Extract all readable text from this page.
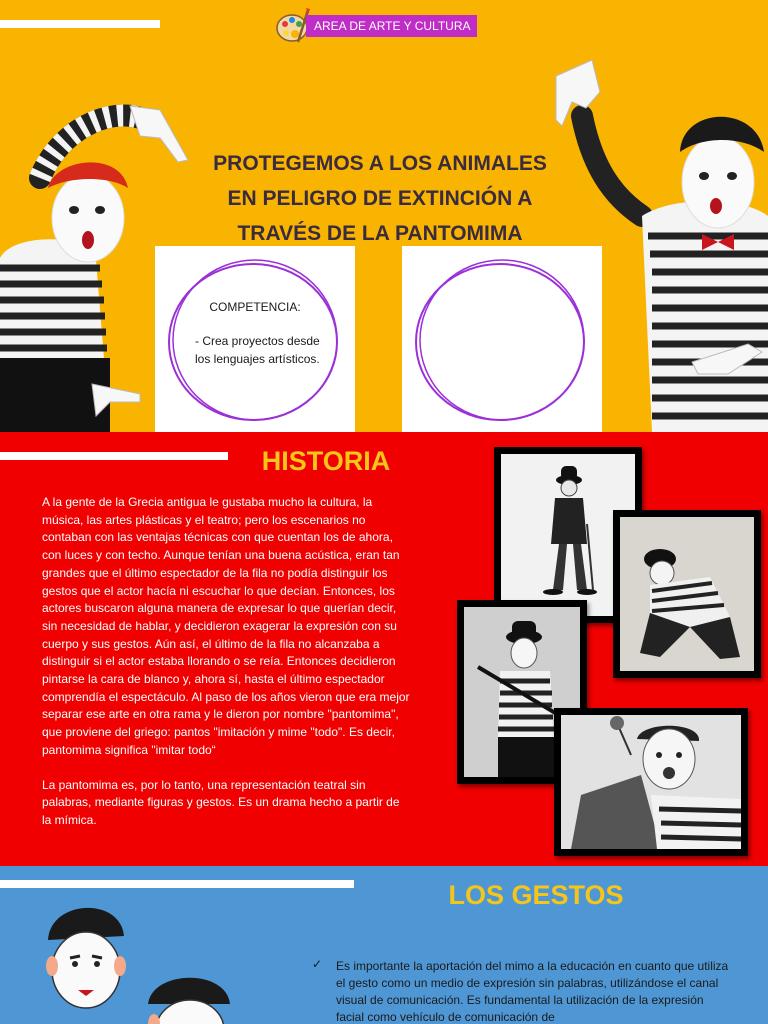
AREA DE ARTE Y CULTURA
PROTEGEMOS A LOS ANIMALES
EN PELIGRO DE EXTINCIÓN A
TRAVÉS DE LA PANTOMIMA
COMPETENCIA:
- Crea proyectos desde los lenguajes artísticos.
HISTORIA

A la gente de la Grecia antigua le gustaba mucho la cultura, la música, las artes plásticas y el teatro; pero los escenarios no contaban con las ventajas técnicas con que cuentan los de ahora, con luces y con techo. Aunque tenían una buena acústica, eran tan grandes que el último espectador de la fila no podía distinguir los gestos que el actor hacía ni escuchar lo que decían. Entonces, los actores buscaron alguna manera de expresar lo que querían decir, sin necesidad de hablar, y decidieron exagerar la expresión con su cuerpo y sus gestos. Aún así, el último de la fila no alcanzaba a distinguir si el actor estaba llorando o se reía. Entonces decidieron pintarse la cara de blanco y, ahora sí, hasta el último espectador comprendía el espectáculo. Al paso de los años vieron que era mejor separar ese arte en otra rama y le dieron por nombre "pantomima", que proviene del griego: pantos "imitación y mime "todo". Es decir, pantomima significa "imitar todo“

La pantomima es, por lo tanto, una representación teatral sin palabras, mediante figuras y gestos. Es un drama hecho a partir de la mímica.

LOS GESTOS
✓	Es importante la aportación del mimo a la educación en cuanto que utiliza el gesto como un medio de expresión sin palabras, utilizándose el canal visual de comunicación. Es fundamental la utilización de la expresión facial como vehículo de comunicación de
